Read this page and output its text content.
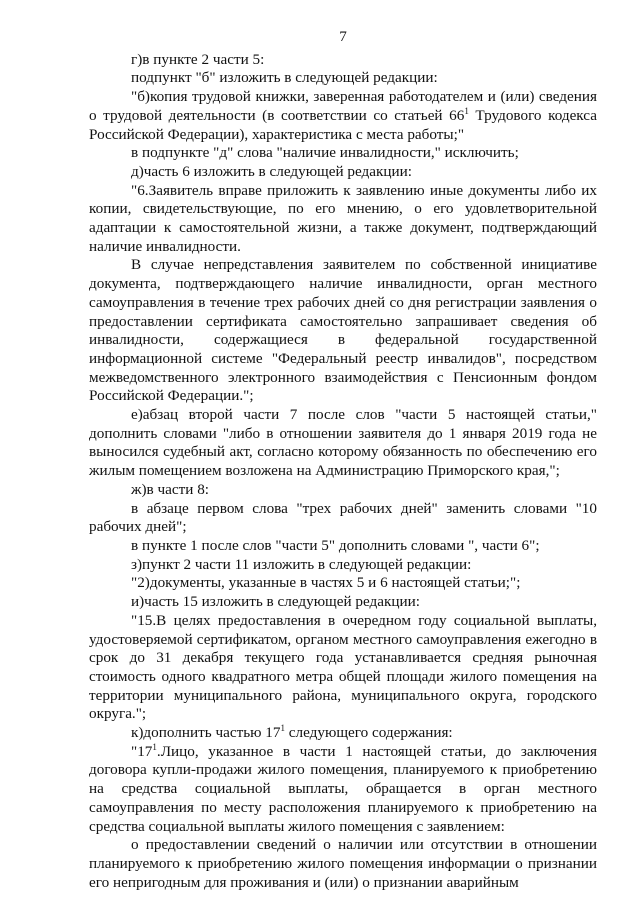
7

г)в пункте 2 части 5:

подпункт "б" изложить в следующей редакции:

"б)копия трудовой книжки, заверенная работодателем и (или) сведения о трудовой деятельности (в соответствии со статьей $66^1$ Трудового кодекса Российской Федерации), характеристика с места работы;"

в подпункте "д" слова "наличие инвалидности," исключить;

д)часть 6 изложить в следующей редакции:

"6.Заявитель вправе приложить к заявлению иные документы либо их копии, свидетельствующие, по его мнению, о его удовлетворительной адаптации к самостоятельной жизни, а также документ, подтверждающий наличие инвалидности.

В случае непредставления заявителем по собственной инициативе документа, подтверждающего наличие инвалидности, орган местного самоуправления в течение трех рабочих дней со дня регистрации заявления о предоставлении сертификата самостоятельно запрашивает сведения об инвалидности, содержащиеся в федеральной государственной информационной системе "Федеральный реестр инвалидов", посредством межведомственного электронного взаимодействия с Пенсионным фондом Российской Федерации.";

е)абзац второй части 7 после слов "части 5 настоящей статьи," дополнить словами "либо в отношении заявителя до 1 января 2019 года не выносился судебный акт, согласно которому обязанность по обеспечению его жилым помещением возложена на Администрацию Приморского края,";

ж)в части 8:

в абзаце первом слова "трех рабочих дней" заменить словами "10 рабочих дней";

в пункте 1 после слов "части 5" дополнить словами ", части 6";

з)пункт 2 части 11 изложить в следующей редакции:

"2)документы, указанные в частях 5 и 6 настоящей статьи;";

и)часть 15 изложить в следующей редакции:

"15.В целях предоставления в очередном году социальной выплаты, удостоверяемой сертификатом, органом местного самоуправления ежегодно в срок до 31 декабря текущего года устанавливается средняя рыночная стоимость одного квадратного метра общей площади жилого помещения на территории муниципального района, муниципального округа, городского округа.";

к)дополнить частью $17^1$ следующего содержания:

"$17^1.Лицо$, указанное в части 1 настоящей статьи, до заключения договора купли-продажи жилого помещения, планируемого к приобретению на средства социальной выплаты, обращается в орган местного самоуправления по месту расположения планируемого к приобретению на средства социальной выплаты жилого помещения с заявлением:

о предоставлении сведений о наличии или отсутствии в отношении планируемого к приобретению жилого помещения информации о признании его непригодным для проживания и (или) о признании аварийным
